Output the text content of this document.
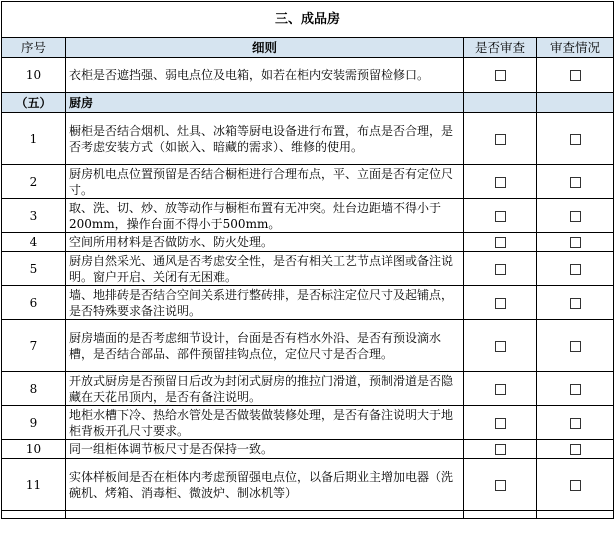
三、成品房			
序号	细则	是否审查	审查情况
10	衣柜是否遮挡强、弱电点位及电箱，如若在柜内安装需预留检修口。		
（五）	厨房		
1	橱柜是否结合烟机、灶具、冰箱等厨电设备进行布置，布点是否合理，是否考虑安装方式（如嵌入、暗藏的需求）、维修的使用。		
2	厨房机电点位置预留是否结合橱柜进行合理布点，平、立面是否有定位尺寸。		
3	取、洗、切、炒、放等动作与橱柜布置有无冲突。灶台边距墙不得小于200mm，操作台面不得小于500mm。		
4	空间所用材料是否做防水、防火处理。		
5	厨房自然采光、通风是否考虑安全性，是否有相关工艺节点详图或备注说明。窗户开启、关闭有无困难。		
6	墙、地排砖是否结合空间关系进行整砖排，是否标注定位尺寸及起铺点，是否特殊要求备注说明。		
7	厨房墙面的是否考虑细节设计，台面是否有档水外沿、是否有预设滴水槽，是否结合部品、部件预留挂钩点位，定位尺寸是否合理。		
8	开放式厨房是否预留日后改为封闭式厨房的推拉门滑道，预制滑道是否隐藏在天花吊顶内，是否有备注说明。		
9	地柜水槽下冷、热给水管处是否做装做装修处理，是否有备注说明大于地柜背板开孔尺寸要求。		
10	同一组柜体调节板尺寸是否保持一致。		
11	实体样板间是否在柜体内考虑预留强电点位，以备后期业主增加电器（洗碗机、烤箱、消毒柜、微波炉、制冰机等）		
